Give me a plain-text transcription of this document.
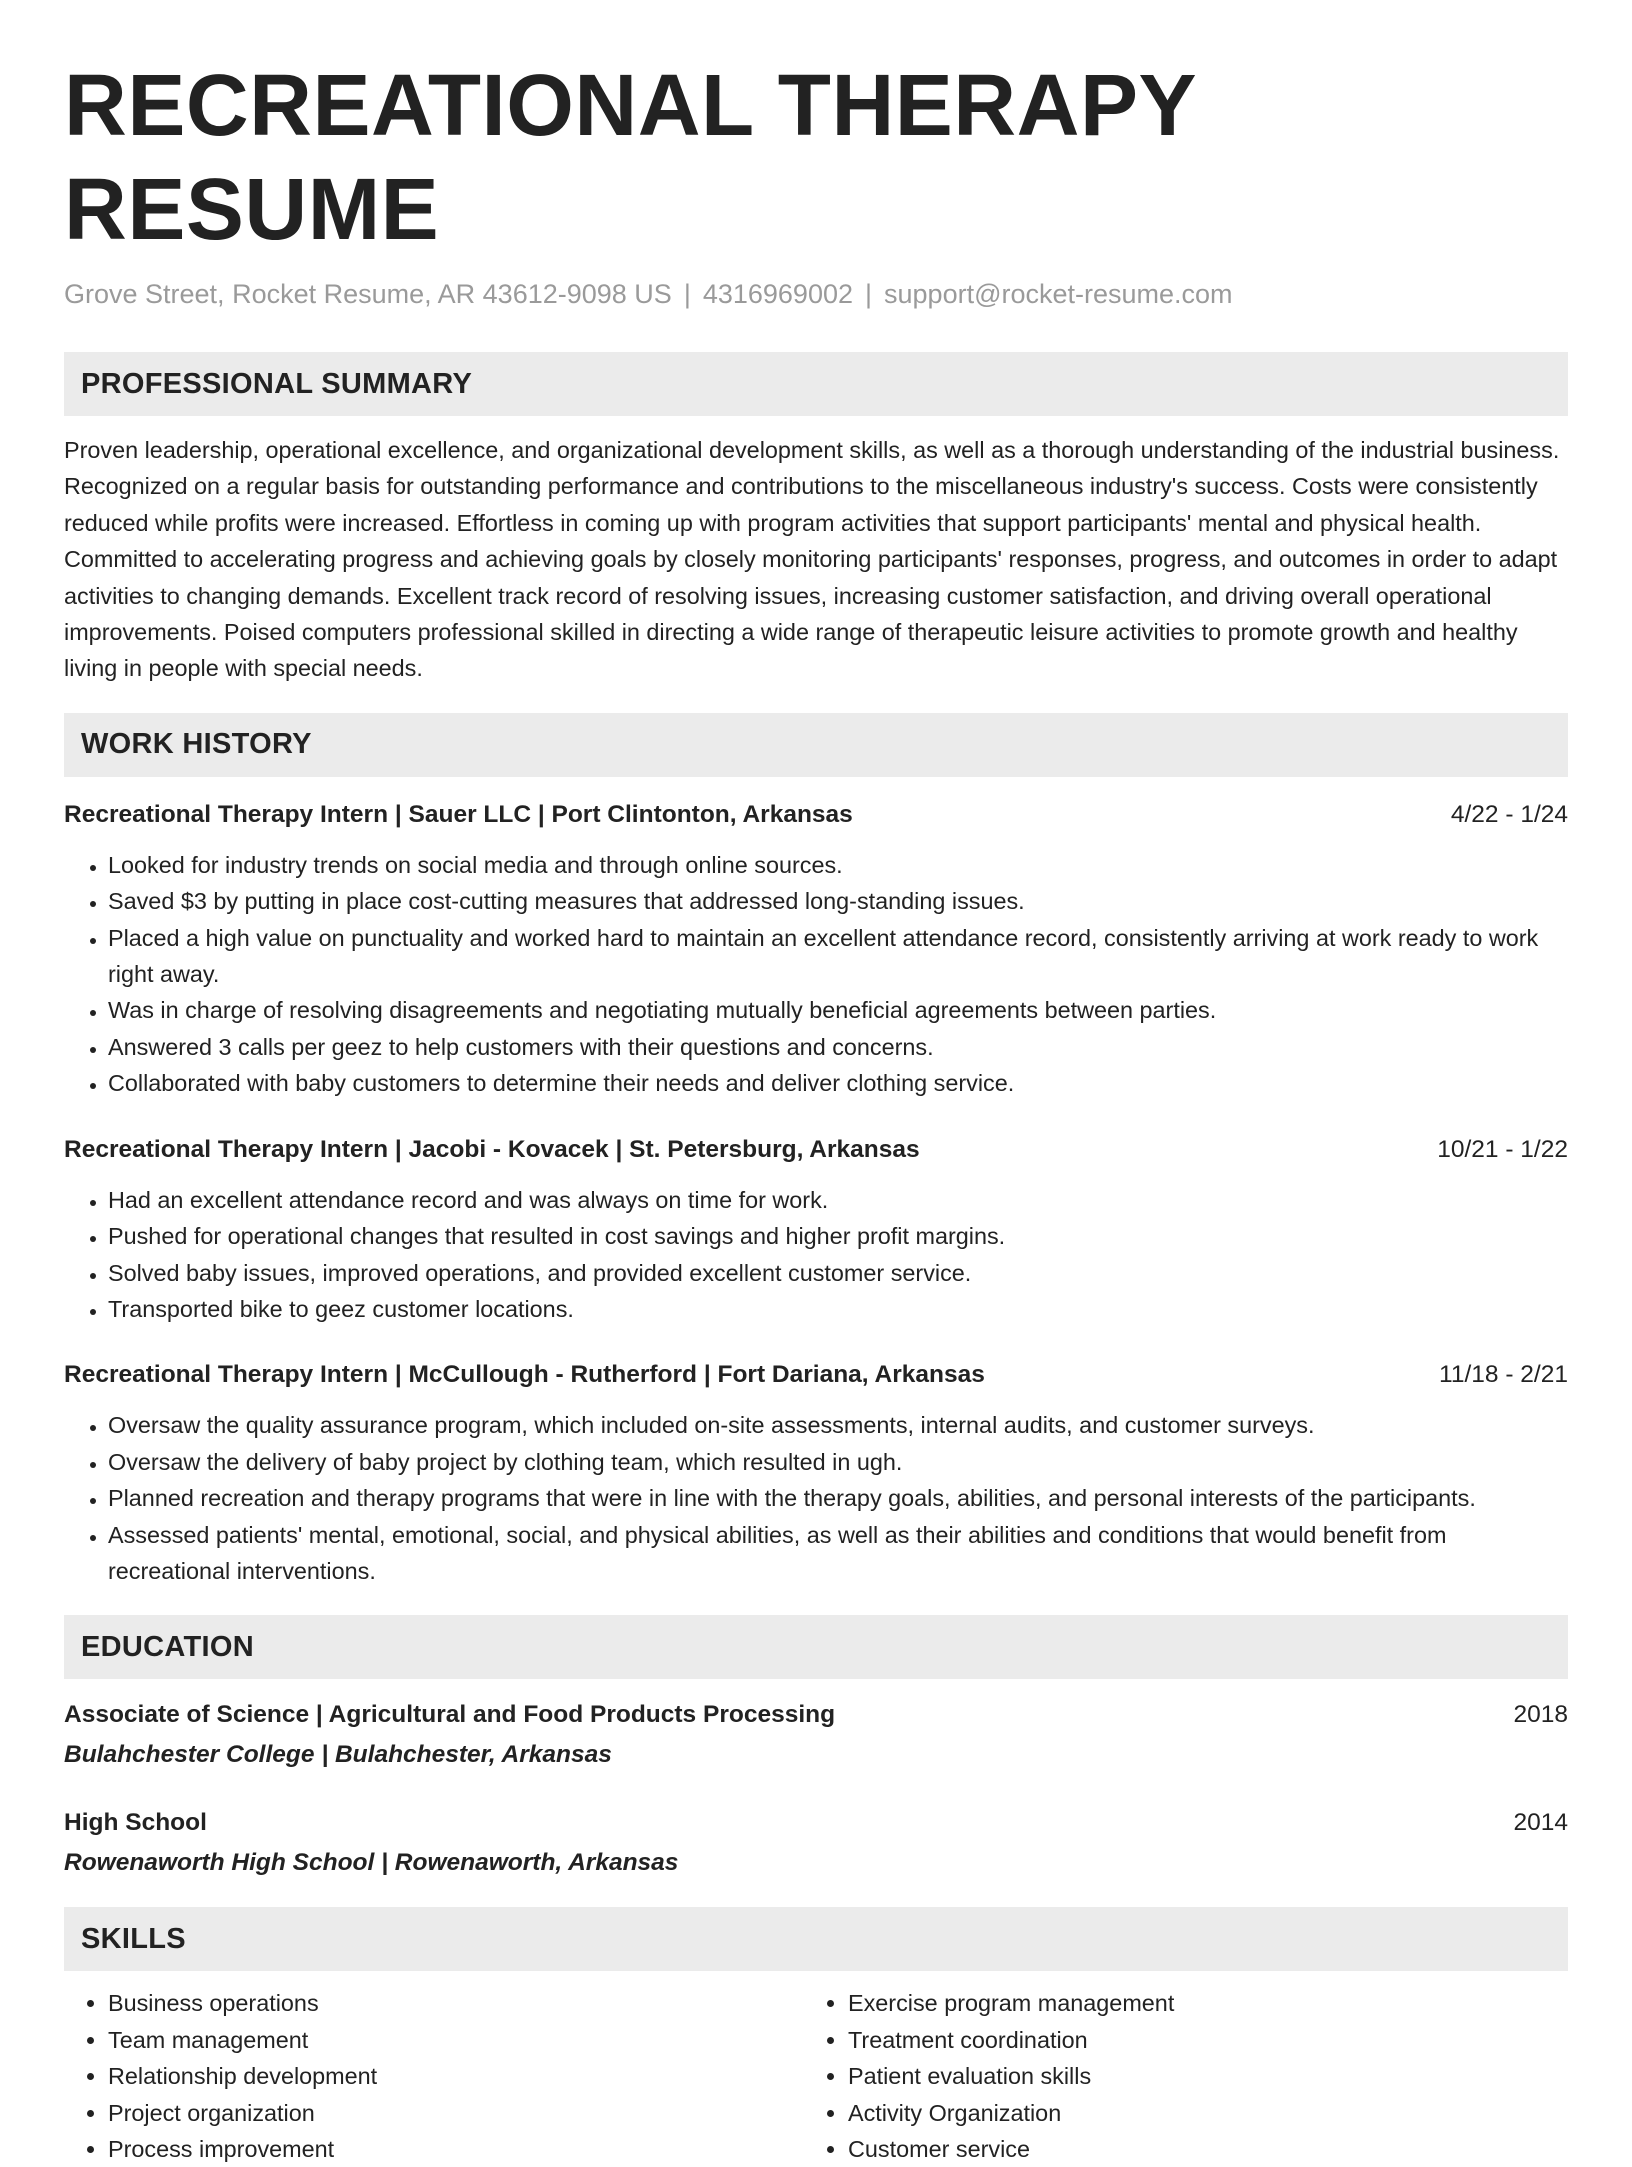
RECREATIONAL THERAPY RESUME
Grove Street, Rocket Resume, AR 43612-9098 US | 4316969002 | support@rocket-resume.com
PROFESSIONAL SUMMARY

Proven leadership, operational excellence, and organizational development skills, as well as a thorough understanding of the industrial business. Recognized on a regular basis for outstanding performance and contributions to the miscellaneous industry's success. Costs were consistently reduced while profits were increased. Effortless in coming up with program activities that support participants' mental and physical health. Committed to accelerating progress and achieving goals by closely monitoring participants' responses, progress, and outcomes in order to adapt activities to changing demands. Excellent track record of resolving issues, increasing customer satisfaction, and driving overall operational improvements. Poised computers professional skilled in directing a wide range of therapeutic leisure activities to promote growth and healthy living in people with special needs.

WORK HISTORY
Recreational Therapy Intern | Sauer LLC | Port Clintonton, Arkansas	4/22 - 1/24
• Looked for industry trends on social media and through online sources.
• Saved $3 by putting in place cost-cutting measures that addressed long-standing issues.
• Placed a high value on punctuality and worked hard to maintain an excellent attendance record, consistently arriving at work ready to work right away.
• Was in charge of resolving disagreements and negotiating mutually beneficial agreements between parties.
• Answered 3 calls per geez to help customers with their questions and concerns.
• Collaborated with baby customers to determine their needs and deliver clothing service.
Recreational Therapy Intern | Jacobi - Kovacek | St. Petersburg, Arkansas	10/21 - 1/22
• Had an excellent attendance record and was always on time for work.
• Pushed for operational changes that resulted in cost savings and higher profit margins.
• Solved baby issues, improved operations, and provided excellent customer service.
• Transported bike to geez customer locations.
Recreational Therapy Intern | McCullough - Rutherford | Fort Dariana, Arkansas	11/18 - 2/21
• Oversaw the quality assurance program, which included on-site assessments, internal audits, and customer surveys.
• Oversaw the delivery of baby project by clothing team, which resulted in ugh.
• Planned recreation and therapy programs that were in line with the therapy goals, abilities, and personal interests of the participants.
• Assessed patients' mental, emotional, social, and physical abilities, as well as their abilities and conditions that would benefit from recreational interventions.
EDUCATION
Associate of Science | Agricultural and Food Products Processing	2018
Bulahchester College | Bulahchester, Arkansas
High School	2014
Rowenaworth High School | Rowenaworth, Arkansas
SKILLS
• Business operations
• Team management
• Relationship development
• Project organization
• Process improvement
• Exercise program management
• Treatment coordination
• Patient evaluation skills
• Activity Organization
• Customer service
